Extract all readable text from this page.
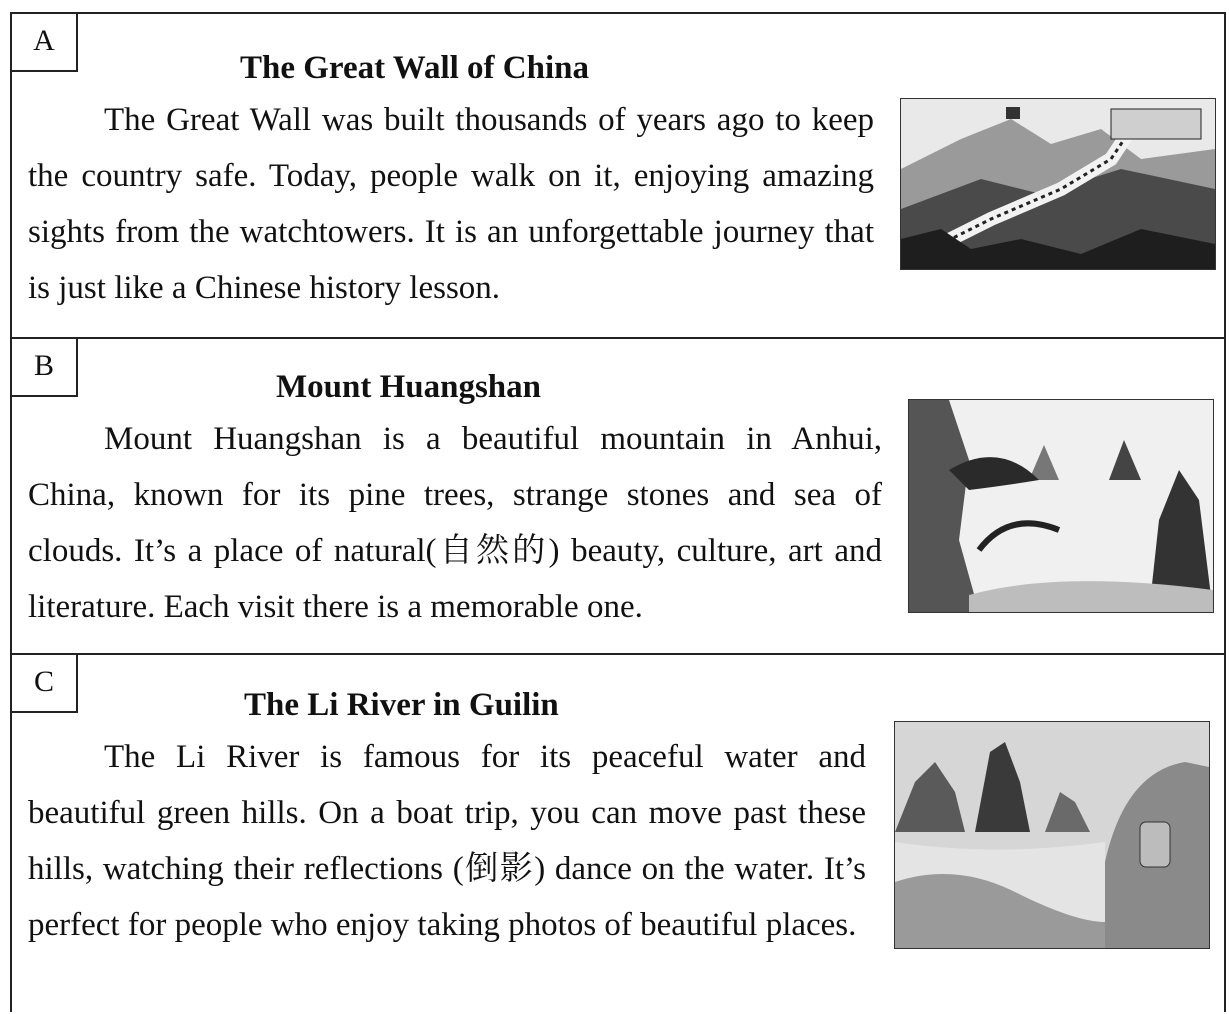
A
The Great Wall of China

The Great Wall was built thousands of years ago to keep the country safe. Today, people walk on it, enjoying amazing sights from the watchtowers. It is an unforgettable journey that is just like a Chinese history lesson.

B
Mount Huangshan

Mount Huangshan is a beautiful mountain in Anhui, China, known for its pine trees, strange stones and sea of clouds. It’s a place of natural(自然的) beauty, culture, art and literature. Each visit there is a memorable one.

C
The Li River in Guilin

The Li River is famous for its peaceful water and beautiful green hills. On a boat trip, you can move past these hills, watching their reflections (倒影) dance on the water. It’s perfect for people who enjoy taking photos of beautiful places.
